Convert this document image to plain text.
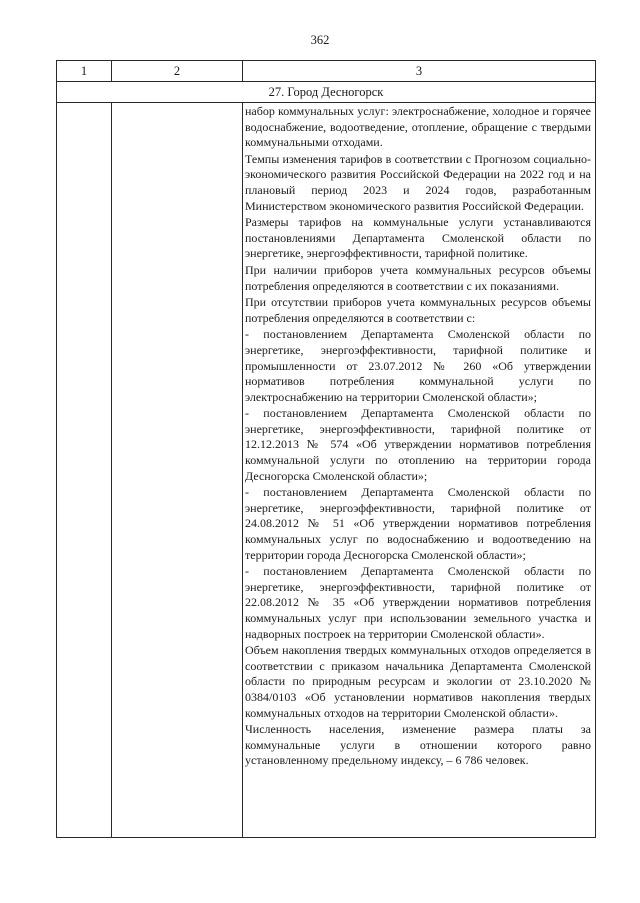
362
1	2	3
27. Город Десногорск

набор коммунальных услуг: электроснабжение, холодное и горячее водоснабжение, водоотведение, отопление, обращение с твердыми коммунальными отходами.

Темпы изменения тарифов в соответствии с Прогнозом социально-экономического развития Российской Федерации на 2022 год и на плановый период 2023 и 2024 годов, разработанным Министерством экономического развития Российской Федерации.

Размеры тарифов на коммунальные услуги устанавливаются постановлениями Департамента Смоленской области по энергетике, энергоэффективности, тарифной политике.

При наличии приборов учета коммунальных ресурсов объемы потребления определяются в соответствии с их показаниями.

При отсутствии приборов учета коммунальных ресурсов объемы потребления определяются в соответствии с:

- постановлением Департамента Смоленской области по энергетике, энергоэффективности, тарифной политике и промышленности от 23.07.2012 № 260 «Об утверждении нормативов потребления коммунальной услуги по электроснабжению на территории Смоленской области»;

- постановлением Департамента Смоленской области по энергетике, энергоэффективности, тарифной политике от 12.12.2013 № 574 «Об утверждении нормативов потребления коммунальной услуги по отоплению на территории города Десногорска Смоленской области»;

- постановлением Департамента Смоленской области по энергетике, энергоэффективности, тарифной политике от 24.08.2012 № 51 «Об утверждении нормативов потребления коммунальных услуг по водоснабжению и водоотведению на территории города Десногорска Смоленской области»;

- постановлением Департамента Смоленской области по энергетике, энергоэффективности, тарифной политике от 22.08.2012 № 35 «Об утверждении нормативов потребления коммунальных услуг при использовании земельного участка и надворных построек на территории Смоленской области».

Объем накопления твердых коммунальных отходов определяется в соответствии с приказом начальника Департамента Смоленской области по природным ресурсам и экологии от 23.10.2020 № 0384/0103 «Об установлении нормативов накопления твердых коммунальных отходов на территории Смоленской области».

Численность населения, изменение размера платы за коммунальные услуги в отношении которого равно установленному предельному индексу, – 6 786 человек.
